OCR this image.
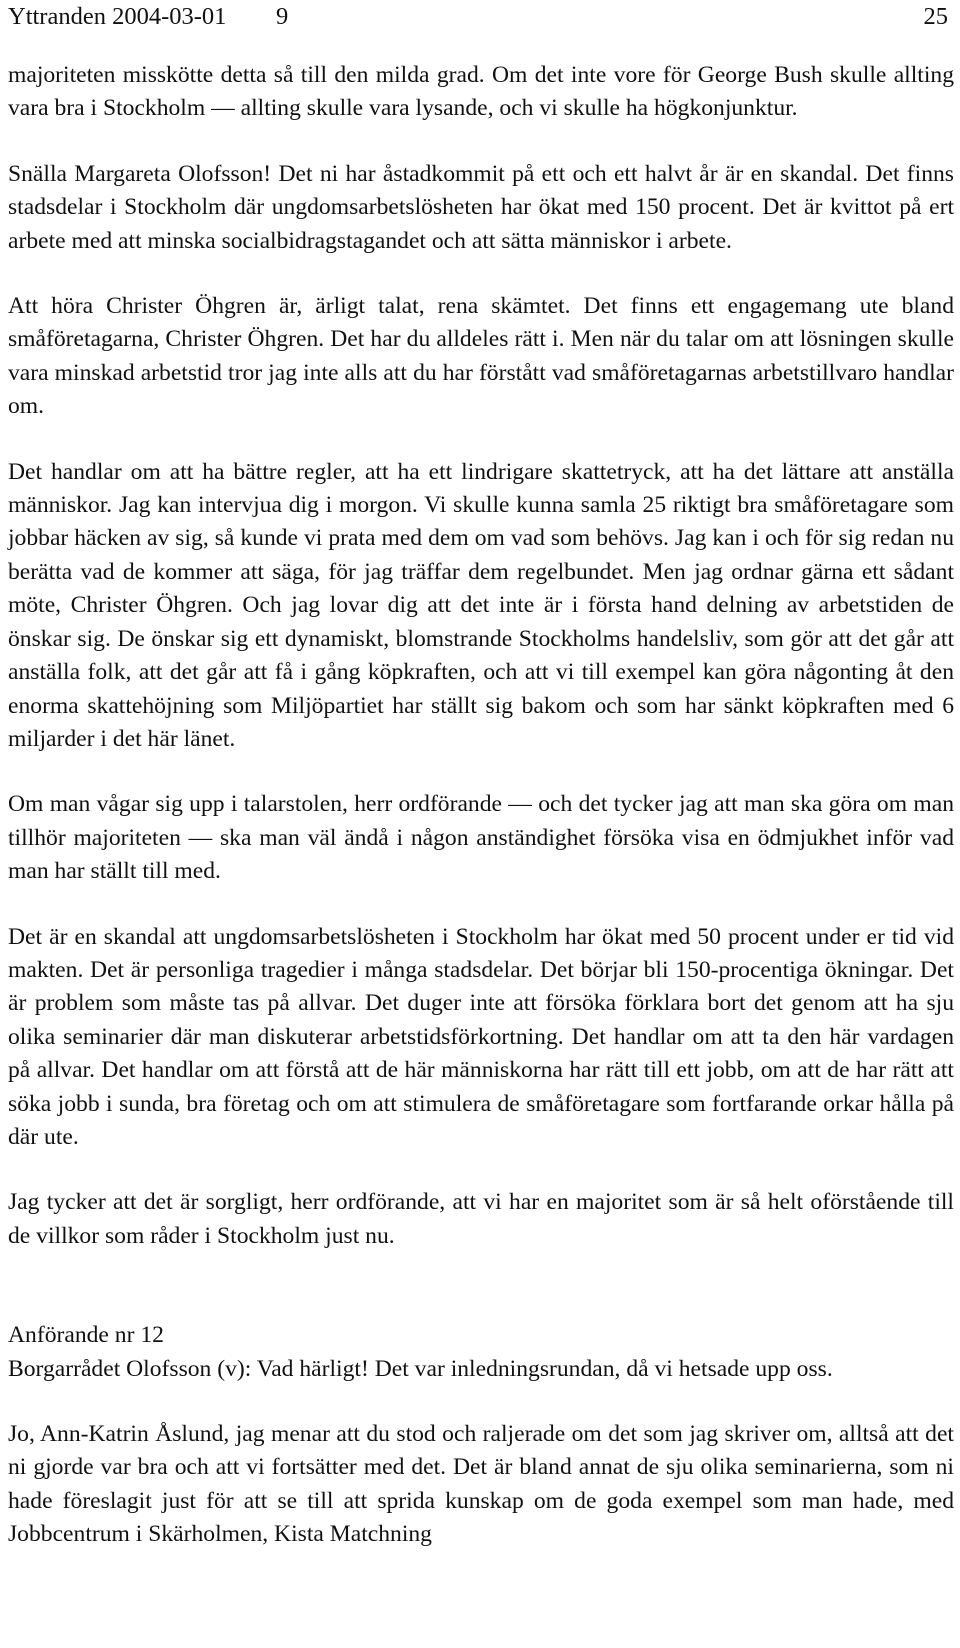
Yttranden 2004-03-01 9	25

majoriteten misskötte detta så till den milda grad. Om det inte vore för George Bush skulle allting vara bra i Stockholm — allting skulle vara lysande, och vi skulle ha högkonjunktur.

Snälla Margareta Olofsson! Det ni har åstadkommit på ett och ett halvt år är en skandal. Det finns stadsdelar i Stockholm där ungdomsarbetslösheten har ökat med 150 procent. Det är kvittot på ert arbete med att minska socialbidragstagandet och att sätta människor i arbete.

Att höra Christer Öhgren är, ärligt talat, rena skämtet. Det finns ett engagemang ute bland småföretagarna, Christer Öhgren. Det har du alldeles rätt i. Men när du talar om att lösningen skulle vara minskad arbetstid tror jag inte alls att du har förstått vad småföretagarnas arbetstillvaro handlar om.

Det handlar om att ha bättre regler, att ha ett lindrigare skattetryck, att ha det lättare att anställa människor. Jag kan intervjua dig i morgon. Vi skulle kunna samla 25 riktigt bra småföretagare som jobbar häcken av sig, så kunde vi prata med dem om vad som behövs. Jag kan i och för sig redan nu berätta vad de kommer att säga, för jag träffar dem regelbundet. Men jag ordnar gärna ett sådant möte, Christer Öhgren. Och jag lovar dig att det inte är i första hand delning av arbetstiden de önskar sig. De önskar sig ett dynamiskt, blomstrande Stockholms handelsliv, som gör att det går att anställa folk, att det går att få i gång köpkraften, och att vi till exempel kan göra någonting åt den enorma skattehöjning som Miljöpartiet har ställt sig bakom och som har sänkt köpkraften med 6 miljarder i det här länet.

Om man vågar sig upp i talarstolen, herr ordförande — och det tycker jag att man ska göra om man tillhör majoriteten — ska man väl ändå i någon anständighet försöka visa en ödmjukhet inför vad man har ställt till med.

Det är en skandal att ungdomsarbetslösheten i Stockholm har ökat med 50 procent under er tid vid makten. Det är personliga tragedier i många stadsdelar. Det börjar bli 150-procentiga ökningar. Det är problem som måste tas på allvar. Det duger inte att försöka förklara bort det genom att ha sju olika seminarier där man diskuterar arbetstidsförkortning. Det handlar om att ta den här vardagen på allvar. Det handlar om att förstå att de här människorna har rätt till ett jobb, om att de har rätt att söka jobb i sunda, bra företag och om att stimulera de småföretagare som fortfarande orkar hålla på där ute.

Jag tycker att det är sorgligt, herr ordförande, att vi har en majoritet som är så helt oförstående till de villkor som råder i Stockholm just nu.

Anförande nr 12

Borgarrådet Olofsson (v): Vad härligt! Det var inledningsrundan, då vi hetsade upp oss.

Jo, Ann-Katrin Åslund, jag menar att du stod och raljerade om det som jag skriver om, alltså att det ni gjorde var bra och att vi fortsätter med det. Det är bland annat de sju olika seminarierna, som ni hade föreslagit just för att se till att sprida kunskap om de goda exempel som man hade, med Jobbcentrum i Skärholmen, Kista Matchning
